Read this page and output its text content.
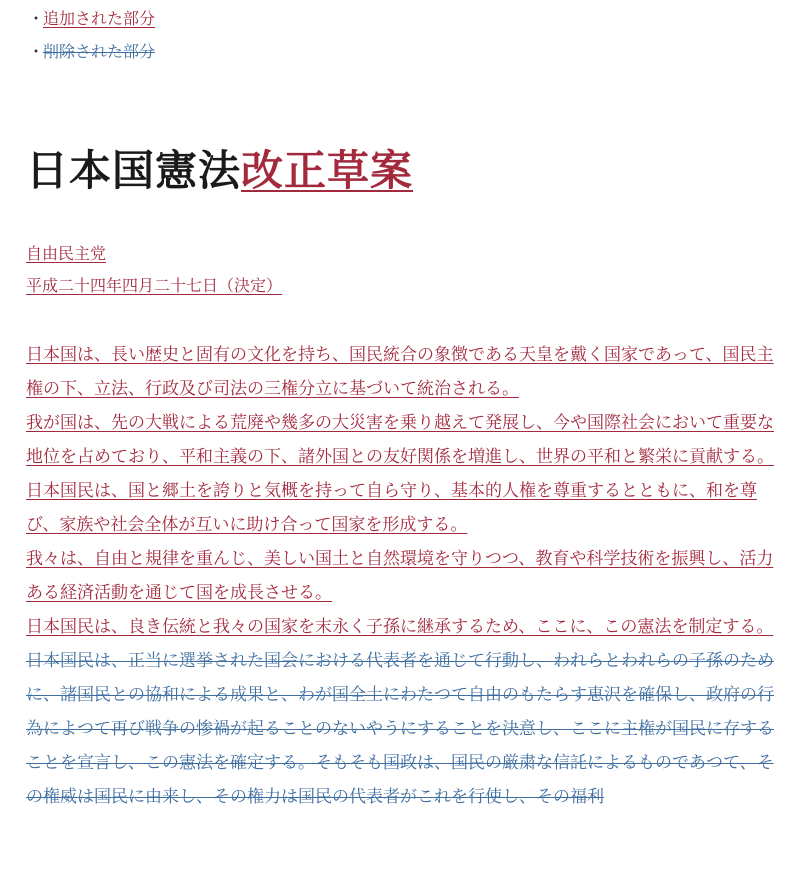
・
追加された部分
・
削除された部分
日本国憲法改正草案
自由民主党
平成二十四年四月二十七日（決定）

日本国は、長い歴史と固有の文化を持ち、国民統合の象徴である天皇を戴く国家であって、国民主権の下、立法、行政及び司法の三権分立に基づいて統治される。

我が国は、先の大戦による荒廃や幾多の大災害を乗り越えて発展し、今や国際社会において重要な地位を占めており、平和主義の下、諸外国との友好関係を増進し、世界の平和と繁栄に貢献する。

日本国民は、国と郷土を誇りと気概を持って自ら守り、基本的人権を尊重するとともに、和を尊び、家族や社会全体が互いに助け合って国家を形成する。

我々は、自由と規律を重んじ、美しい国土と自然環境を守りつつ、教育や科学技術を振興し、活力ある経済活動を通じて国を成長させる。

日本国民は、良き伝統と我々の国家を末永く子孫に継承するため、ここに、この憲法を制定する。

日本国民は、正当に選挙された国会における代表者を通じて行動し、われらとわれらの子孫のために、諸国民との協和による成果と、わが国全土にわたつて自由のもたらす恵沢を確保し、政府の行為によつて再び戦争の惨禍が起ることのないやうにすることを決意し、ここに主権が国民に存することを宣言し、この憲法を確定する。そもそも国政は、国民の厳粛な信託によるものであつて、その権威は国民に由来し、その権力は国民の代表者がこれを行使し、その福利
